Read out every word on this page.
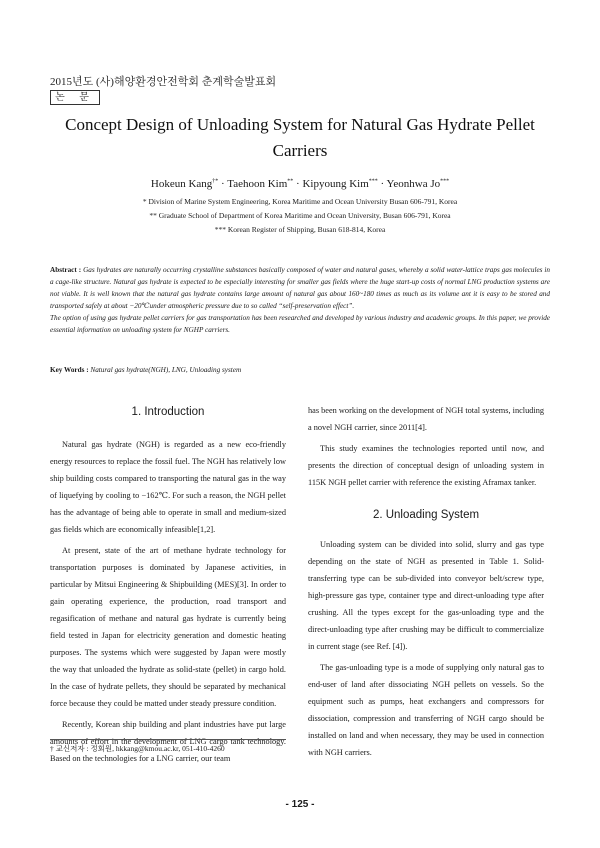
2015년도 (사)해양환경안전학회 춘계학술발표회
논 문
Concept Design of Unloading System for Natural Gas Hydrate Pellet
Carriers
Hokeun Kang†* · Taehoon Kim** · Kipyoung Kim*** · Yeonhwa Jo***
* Division of Marine System Engineering, Korea Maritime and Ocean University Busan 606-791, Korea
** Graduate School of Department of Korea Maritime and Ocean University, Busan 606-791, Korea
*** Korean Register of Shipping, Busan 618-814, Korea
Abstract : Gas hydrates are naturally occurring crystalline substances basically composed of water and natural gases, whereby a solid water-lattice traps gas molecules in a cage-like structure. Natural gas hydrate is expected to be especially interesting for smaller gas fields where the huge start-up costs of normal LNG production systems are not viable. It is well known that the natural gas hydrate contains large amount of natural gas about 160~180 times as much as its volume ant it is easy to be stored and transported safely at about −20℃under atmospheric pressure due to so called “self-preservation effect”.
The option of using gas hydrate pellet carriers for gas transportation has been researched and developed by various industry and academic groups. In this paper, we provide essential information on unloading system for NGHP carriers.
Key Words : Natural gas hydrate(NGH), LNG, Unloading system

1. Introduction

Natural gas hydrate (NGH) is regarded as a new eco-friendly energy resources to replace the fossil fuel. The NGH has relatively low ship building costs compared to transporting the natural gas in the way of liquefying by cooling to −162℃. For such a reason, the NGH pellet has the advantage of being able to operate in small and medium-sized gas fields which are economically infeasible[1,2].

At present, state of the art of methane hydrate technology for transportation purposes is dominated by Japanese activities, in particular by Mitsui Engineering & Shipbuilding (MES)[3]. In order to gain operating experience, the production, road transport and regasification of methane and natural gas hydrate is currently being field tested in Japan for electricity generation and domestic heating purposes. The systems which were suggested by Japan were mostly the way that unloaded the hydrate as solid-state (pellet) in cargo hold. In the case of hydrate pellets, they should be separated by mechanical force because they could be matted under steady pressure condition.

Recently, Korean ship building and plant industries have put large amounts of effort in the development of LNG cargo tank technology. Based on the technologies for a LNG carrier, our team

has been working on the development of NGH total systems, including a novel NGH carrier, since 2011[4].

This study examines the technologies reported until now, and presents the direction of conceptual design of unloading system in 115K NGH pellet carrier with reference the existing Aframax tanker.

2. Unloading System

Unloading system can be divided into solid, slurry and gas type depending on the state of NGH as presented in Table 1. Solid-transferring type can be sub-divided into conveyor belt/screw type, high-pressure gas type, container type and direct-unloading type after crushing. All the types except for the gas-unloading type and the direct-unloading type after crushing may be difficult to commercialize in current stage (see Ref. [4]).

The gas-unloading type is a mode of supplying only natural gas to end-user of land after dissociating NGH pellets on vessels. So the equipment such as pumps, heat exchangers and compressors for dissociation, compression and transferring of NGH cargo should be installed on land and when necessary, they may be used in connection with NGH carriers.

† 교신저자 : 정회원, hkkang@kmou.ac.kr, 051-410-4260
- 125 -
